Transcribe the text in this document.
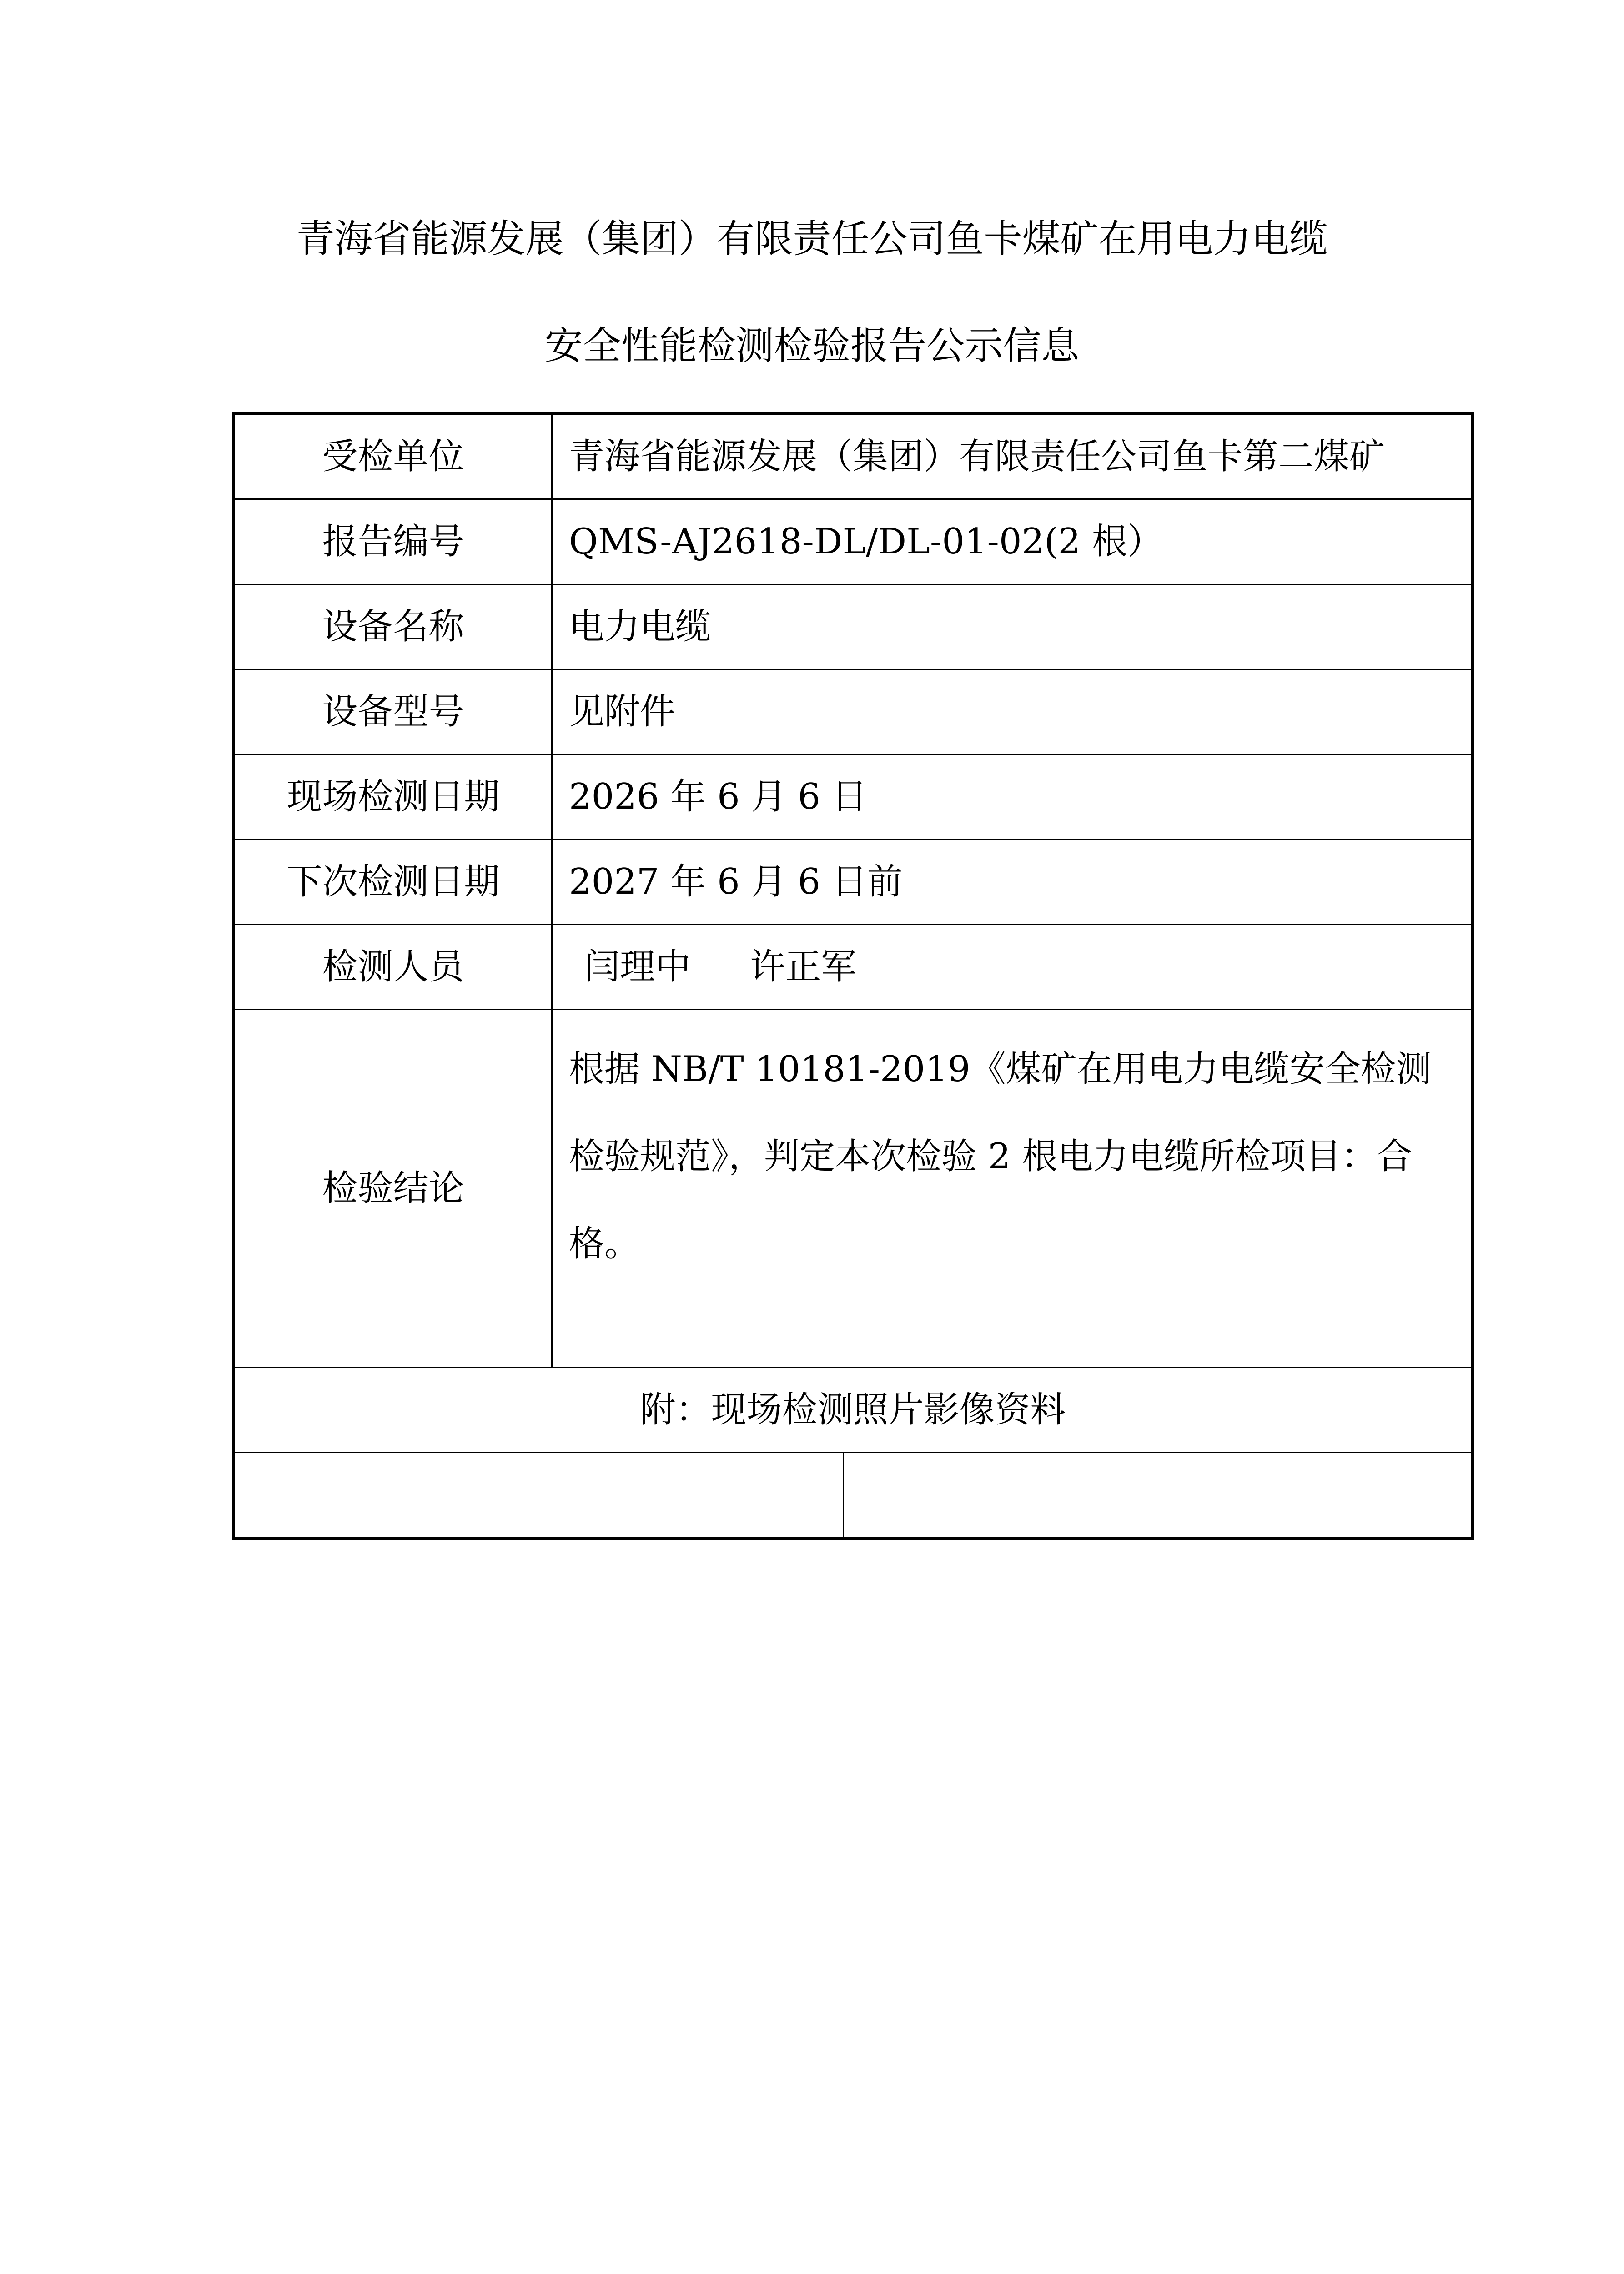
青海省能源发展（集团）有限责任公司鱼卡煤矿在用电力电缆
安全性能检测检验报告公示信息
受检单位	青海省能源发展（集团）有限责任公司鱼卡第二煤矿	
报告编号	QMS-AJ2618-DL/DL-01-02(2 根）	
设备名称	电力电缆	
设备型号	见附件	
现场检测日期	2026 年 6 月 6 日	
下次检测日期	2027 年 6 月 6 日前	
检测人员	闫理中 许正军	
检验结论	根据 NB/T 10181-2019《煤矿在用电力电缆安全检测检验规范》，判定本次检验 2 根电力电缆所检项目：合格。	
附：现场检测照片影像资料		
